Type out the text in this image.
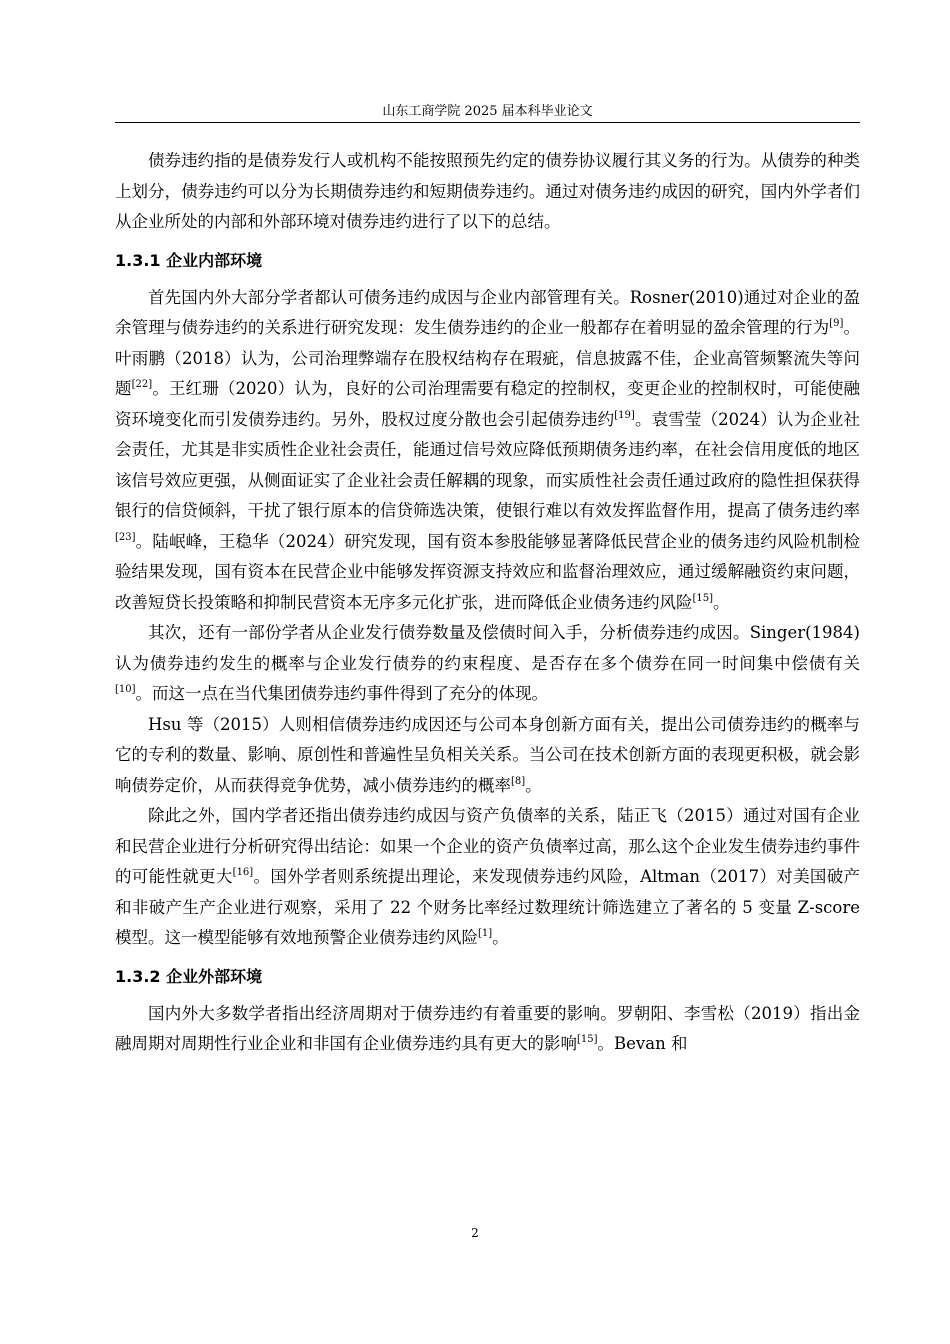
山东工商学院 2025 届本科毕业论文

债券违约指的是债券发行人或机构不能按照预先约定的债券协议履行其义务的行为。从债券的种类上划分，债券违约可以分为长期债券违约和短期债券违约。通过对债务违约成因的研究，国内外学者们从企业所处的内部和外部环境对债券违约进行了以下的总结。

1.3.1 企业内部环境

首先国内外大部分学者都认可债务违约成因与企业内部管理有关。Rosner(2010)通过对企业的盈余管理与债券违约的关系进行研究发现：发生债券违约的企业一般都存在着明显的盈余管理的行为[9]。叶雨鹏（2018）认为，公司治理弊端存在股权结构存在瑕疵，信息披露不佳，企业高管频繁流失等问题[22]。王红珊（2020）认为，良好的公司治理需要有稳定的控制权，变更企业的控制权时，可能使融资环境变化而引发债券违约。另外，股权过度分散也会引起债券违约[19]。袁雪莹（2024）认为企业社会责任，尤其是非实质性企业社会责任，能通过信号效应降低预期债务违约率，在社会信用度低的地区该信号效应更强，从侧面证实了企业社会责任解耦的现象，而实质性社会责任通过政府的隐性担保获得银行的信贷倾斜，干扰了银行原本的信贷筛选决策，使银行难以有效发挥监督作用，提高了债务违约率[23]。陆岷峰，王稳华（2024）研究发现，国有资本参股能够显著降低民营企业的债务违约风险机制检验结果发现，国有资本在民营企业中能够发挥资源支持效应和监督治理效应，通过缓解融资约束问题，改善短贷长投策略和抑制民营资本无序多元化扩张，进而降低企业债务违约风险[15]。

其次，还有一部份学者从企业发行债券数量及偿债时间入手，分析债券违约成因。Singer(1984)认为债券违约发生的概率与企业发行债券的约束程度、是否存在多个债券在同一时间集中偿债有关[10]。而这一点在当代集团债券违约事件得到了充分的体现。

Hsu 等（2015）人则相信债券违约成因还与公司本身创新方面有关，提出公司债券违约的概率与它的专利的数量、影响、原创性和普遍性呈负相关关系。当公司在技术创新方面的表现更积极，就会影响债券定价，从而获得竞争优势，减小债券违约的概率[8]。

除此之外，国内学者还指出债券违约成因与资产负债率的关系，陆正飞（2015）通过对国有企业和民营企业进行分析研究得出结论：如果一个企业的资产负债率过高，那么这个企业发生债券违约事件的可能性就更大[16]。国外学者则系统提出理论，来发现债券违约风险，Altman（2017）对美国破产和非破产生产企业进行观察，采用了 22 个财务比率经过数理统计筛选建立了著名的 5 变量 Z-score 模型。这一模型能够有效地预警企业债券违约风险[1]。

1.3.2 企业外部环境

国内外大多数学者指出经济周期对于债券违约有着重要的影响。罗朝阳、李雪松（2019）指出金融周期对周期性行业企业和非国有企业债券违约具有更大的影响[15]。Bevan 和

2
